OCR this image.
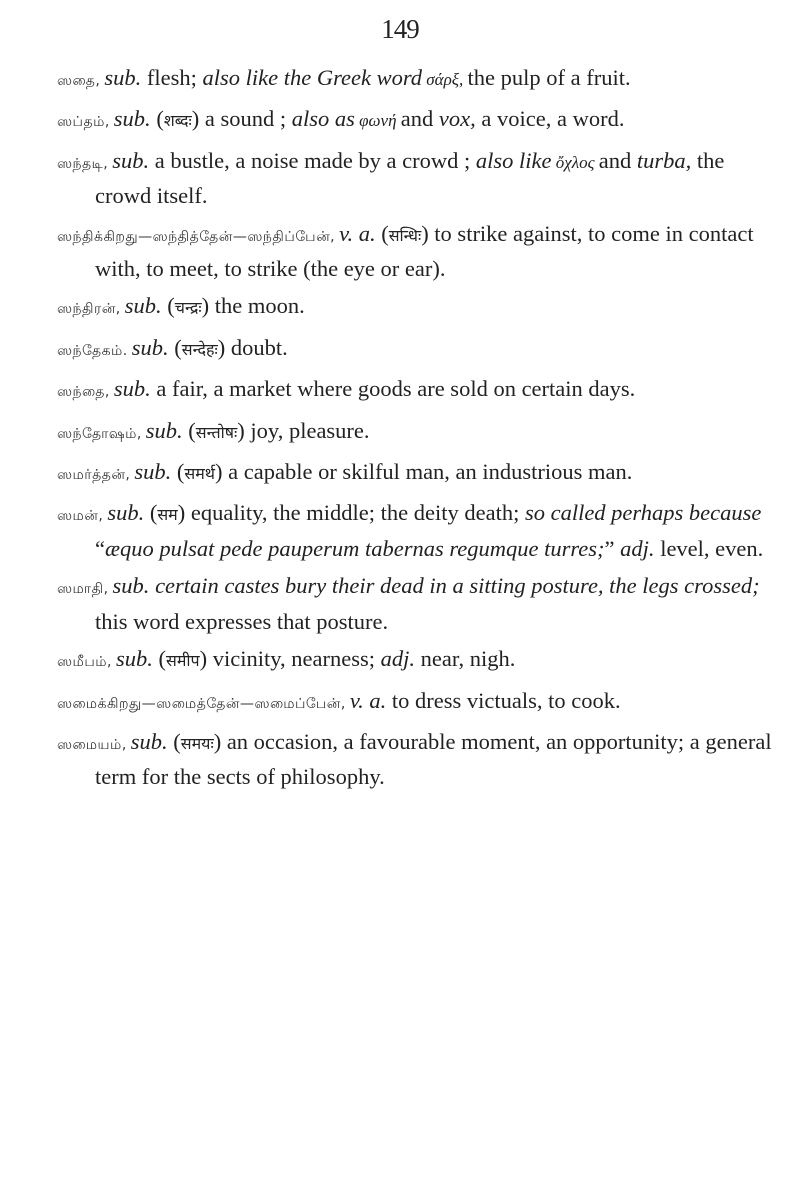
149

ஸதை, sub. flesh; also like the Greek word σάρξ, the pulp of a fruit.

ஸப்தம், sub. (शब्दः) a sound ; also as φωνή and vox, a voice, a word.

ஸந்தடி, sub. a bustle, a noise made by a crowd ; also like ὄχλος and turba, the crowd itself.

ஸந்திக்கிறது—ஸந்தித்தேன்—ஸந்திப்பேன், v. a. (सन्धिः) to strike against, to come in contact with, to meet, to strike (the eye or ear).

ஸந்திரன், sub. (चन्द्रः) the moon.

ஸந்தேகம். sub. (सन्देहः) doubt.

ஸந்தை, sub. a fair, a market where goods are sold on certain days.

ஸந்தோஷம், sub. (सन्तोषः) joy, pleasure.

ஸமர்த்தன், sub. (समर्थ) a capable or skilful man, an industrious man.

ஸமன், sub. (सम) equality, the middle; the deity death; so called perhaps because “æquo pulsat pede pauperum tabernas regumque turres;” adj. level, even.

ஸமாதி, sub. certain castes bury their dead in a sitting posture, the legs crossed; this word expresses that posture.

ஸமீபம், sub. (समीप) vicinity, nearness; adj. near, nigh.

ஸமைக்கிறது—ஸமைத்தேன்—ஸமைப்பேன், v. a. to dress victuals, to cook.

ஸமையம், sub. (समयः) an occasion, a favourable moment, an opportunity; a general term for the sects of philosophy.
